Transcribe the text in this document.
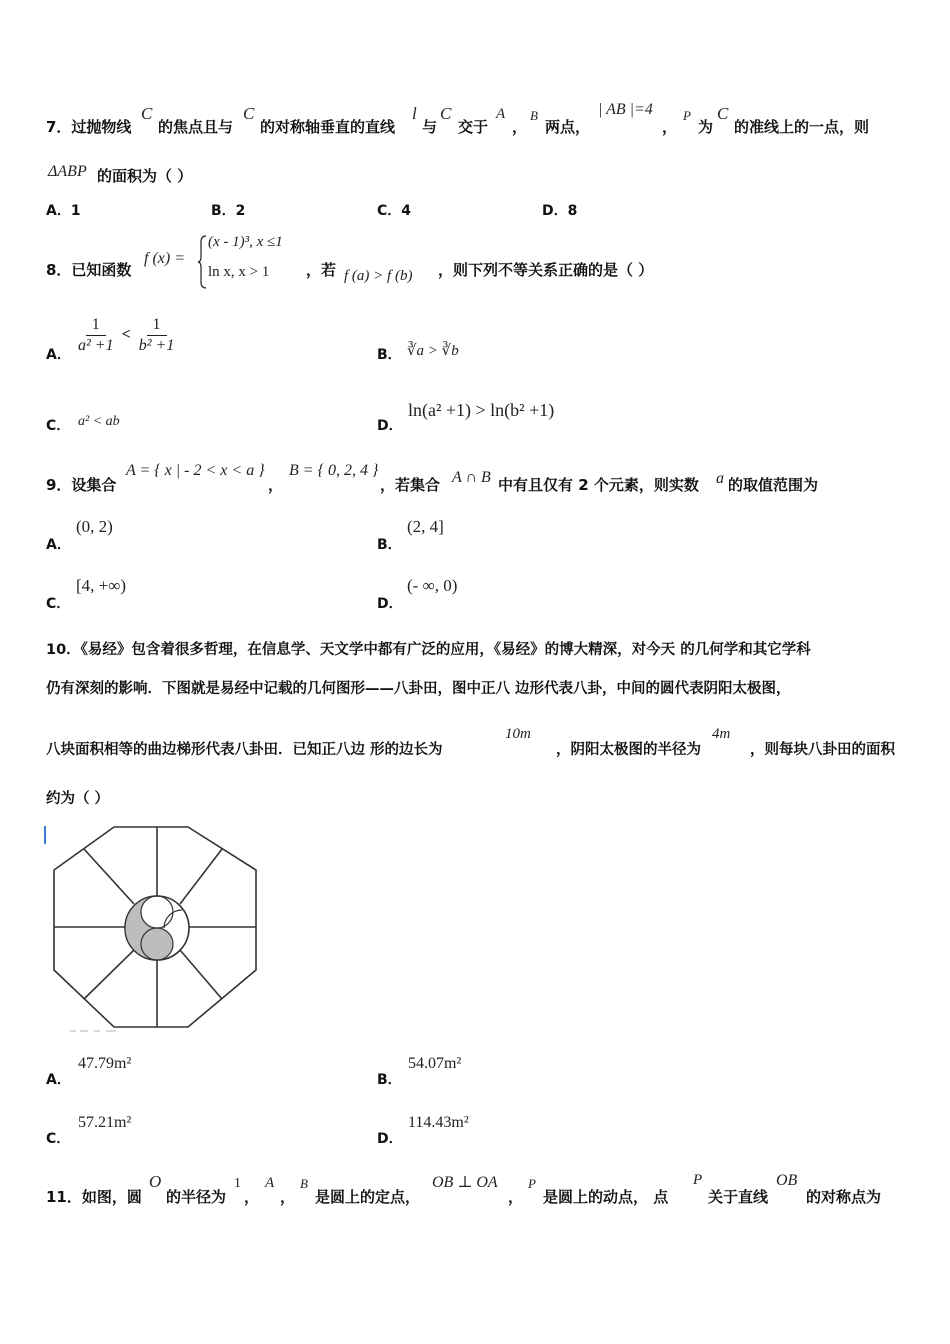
7．过抛物线
C
的焦点且与
C
的对称轴垂直的直线
l
与
C
交于
A
，
B
两点，
| AB |=4
，
P
为
C
的准线上的一点，则
ΔABP 的面积为（ ）
A．1	B．2	C．4	D．8
8．已知函数
f (x) =
(x - 1)³, x ≤1
ln x, x > 1 ，若 f (a) > f (b) ，则下列不等关系正确的是（ ）
A． $\frac{1}{\text{a² +1}} < \frac{1}{\text{b² +1}}$	B． ∛a > ∛b
C． a² < ab	D．
ln(a² +1) > ln(b² +1)
9．设集合
A = { x | - 2 < x < a }
，
B = { 0, 2, 4 }
，若集合 A ∩ B 中有且仅有 2 个元素，则实数 a 的取值范围为
A．
(0, 2)
B．
(2, 4]
C．
[4, +∞)
D．
(- ∞, 0)
10．《易经》包含着很多哲理，在信息学、天文学中都有广泛的应用，《易经》的博大精深，对今天 的几何学和其它学科
仍有深刻的影响．下图就是易经中记载的几何图形——八卦田，图中正八 边形代表八卦，中间的圆代表阴阳太极图，
八块面积相等的曲边梯形代表八卦田．已知正八边 形的边长为
10m
，阴阳太极图的半径为
4m
，则每块八卦田的面积
约为（ ）
A．
47.79m²
B．
54.07m²
C．
57.21m²
D．
114.43m²
11．如图，圆
O
的半径为
1
，
A
，
B
是圆上的定点，
OB ⊥ OA
，
P
是圆上的动点， 点
P
关于直线
OB
的对称点为
